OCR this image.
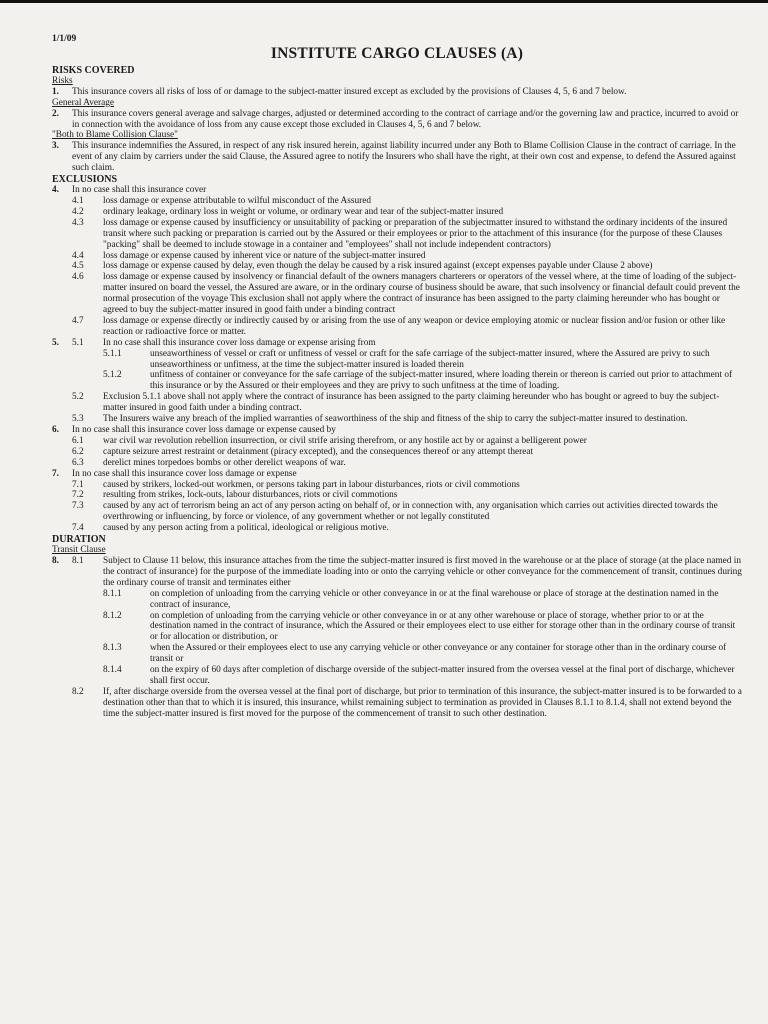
1/1/09
INSTITUTE CARGO CLAUSES (A)
RISKS COVERED
Risks
1.	This insurance covers all risks of loss of or damage to the subject-matter insured except as excluded by the provisions of Clauses 4, 5, 6 and 7 below.
General Average
2.	This insurance covers general average and salvage charges, adjusted or determined according to the contract of carriage and/or the governing law and practice, incurred to avoid or in connection with the avoidance of loss from any cause except those excluded in Clauses 4, 5, 6 and 7 below.
"Both to Blame Collision Clause"
3.	This insurance indemnifies the Assured, in respect of any risk insured herein, against liability incurred under any Both to Blame Collision Clause in the contract of carriage. In the event of any claim by carriers under the said Clause, the Assured agree to notify the Insurers who shall have the right, at their own cost and expense, to defend the Assured against such claim.
EXCLUSIONS
4.	In no case shall this insurance cover
4.1	loss damage or expense attributable to wilful misconduct of the Assured
4.2	ordinary leakage, ordinary loss in weight or volume, or ordinary wear and tear of the subject-matter insured
4.3	loss damage or expense caused by insufficiency or unsuitability of packing or preparation of the subjectmatter insured to withstand the ordinary incidents of the insured transit where such packing or preparation is carried out by the Assured or their employees or prior to the attachment of this insurance (for the purpose of these Clauses "packing" shall be deemed to include stowage in a container and "employees" shall not include independent contractors)
4.4	loss damage or expense caused by inherent vice or nature of the subject-matter insured
4.5	loss damage or expense caused by delay, even though the delay be caused by a risk insured against (except expenses payable under Clause 2 above)
4.6	loss damage or expense caused by insolvency or financial default of the owners managers charterers or operators of the vessel where, at the time of loading of the subject-matter insured on board the vessel, the Assured are aware, or in the ordinary course of business should be aware, that such insolvency or financial default could prevent the normal prosecution of the voyage This exclusion shall not apply where the contract of insurance has been assigned to the party claiming hereunder who has bought or agreed to buy the subject-matter insured in good faith under a binding contract
4.7	loss damage or expense directly or indirectly caused by or arising from the use of any weapon or device employing atomic or nuclear fission and/or fusion or other like reaction or radioactive force or matter.
5.	5.1	In no case shall this insurance cover loss damage or expense arising from
5.1.1	unseaworthiness of vessel or craft or unfitness of vessel or craft for the safe carriage of the subject-matter insured, where the Assured are privy to such unseaworthiness or unfitness, at the time the subject-matter insured is loaded therein
5.1.2	unfitness of container or conveyance for the safe carriage of the subject-matter insured, where loading therein or thereon is carried out prior to attachment of this insurance or by the Assured or their employees and they are privy to such unfitness at the time of loading.
5.2	Exclusion 5.1.1 above shall not apply where the contract of insurance has been assigned to the party claiming hereunder who has bought or agreed to buy the subject-matter insured in good faith under a binding contract.
5.3	The Insurers waive any breach of the implied warranties of seaworthiness of the ship and fitness of the ship to carry the subject-matter insured to destination.
6.	In no case shall this insurance cover loss damage or expense caused by
6.1	war civil war revolution rebellion insurrection, or civil strife arising therefrom, or any hostile act by or against a belligerent power
6.2	capture seizure arrest restraint or detainment (piracy excepted), and the consequences thereof or any attempt thereat
6.3	derelict mines torpedoes bombs or other derelict weapons of war.
7.	In no case shall this insurance cover loss damage or expense
7.1	caused by strikers, locked-out workmen, or persons taking part in labour disturbances, riots or civil commotions
7.2	resulting from strikes, lock-outs, labour disturbances, riots or civil commotions
7.3	caused by any act of terrorism being an act of any person acting on behalf of, or in connection with, any organisation which carries out activities directed towards the overthrowing or influencing, by force or violence, of any government whether or not legally constituted
7.4	caused by any person acting from a political, ideological or religious motive.
DURATION
Transit Clause
8.	8.1	Subject to Clause 11 below, this insurance attaches from the time the subject-matter insured is first moved in the warehouse or at the place of storage (at the place named in the contract of insurance) for the purpose of the immediate loading into or onto the carrying vehicle or other conveyance for the commencement of transit, continues during the ordinary course of transit and terminates either
8.1.1	on completion of unloading from the carrying vehicle or other conveyance in or at the final warehouse or place of storage at the destination named in the contract of insurance,
8.1.2	on completion of unloading from the carrying vehicle or other conveyance in or at any other warehouse or place of storage, whether prior to or at the destination named in the contract of insurance, which the Assured or their employees elect to use either for storage other than in the ordinary course of transit or for allocation or distribution, or
8.1.3	when the Assured or their employees elect to use any carrying vehicle or other conveyance or any container for storage other than in the ordinary course of transit or
8.1.4	on the expiry of 60 days after completion of discharge overside of the subject-matter insured from the oversea vessel at the final port of discharge, whichever shall first occur.
8.2	If, after discharge overside from the oversea vessel at the final port of discharge, but prior to termination of this insurance, the subject-matter insured is to be forwarded to a destination other than that to which it is insured, this insurance, whilst remaining subject to termination as provided in Clauses 8.1.1 to 8.1.4, shall not extend beyond the time the subject-matter insured is first moved for the purpose of the commencement of transit to such other destination.
